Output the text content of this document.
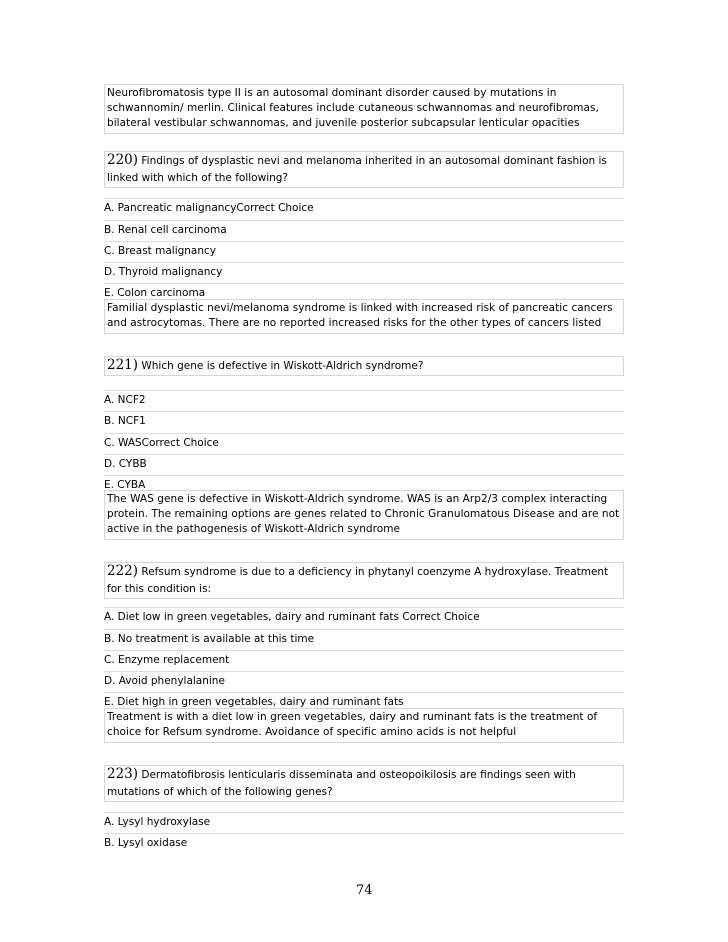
Neurofibromatosis type II is an autosomal dominant disorder caused by mutations in schwannomin/ merlin. Clinical features include cutaneous schwannomas and neurofibromas, bilateral vestibular schwannomas, and juvenile posterior subcapsular lenticular opacities
220) Findings of dysplastic nevi and melanoma inherited in an autosomal dominant fashion is linked with which of the following?
A. Pancreatic malignancyCorrect Choice
B. Renal cell carcinoma
C. Breast malignancy
D. Thyroid malignancy
E. Colon carcinoma
Familial dysplastic nevi/melanoma syndrome is linked with increased risk of pancreatic cancers and astrocytomas. There are no reported increased risks for the other types of cancers listed
221) Which gene is defective in Wiskott-Aldrich syndrome?
A. NCF2
B. NCF1
C. WASCorrect Choice
D. CYBB
E. CYBA
The WAS gene is defective in Wiskott-Aldrich syndrome. WAS is an Arp2/3 complex interacting protein. The remaining options are genes related to Chronic Granulomatous Disease and are not active in the pathogenesis of Wiskott-Aldrich syndrome
222) Refsum syndrome is due to a deficiency in phytanyl coenzyme A hydroxylase. Treatment for this condition is:
A. Diet low in green vegetables, dairy and ruminant fats Correct Choice
B. No treatment is available at this time
C. Enzyme replacement
D. Avoid phenylalanine
E. Diet high in green vegetables, dairy and ruminant fats
Treatment is with a diet low in green vegetables, dairy and ruminant fats is the treatment of choice for Refsum syndrome. Avoidance of specific amino acids is not helpful
223) Dermatofibrosis lenticularis disseminata and osteopoikilosis are findings seen with mutations of which of the following genes?
A. Lysyl hydroxylase
B. Lysyl oxidase
74
